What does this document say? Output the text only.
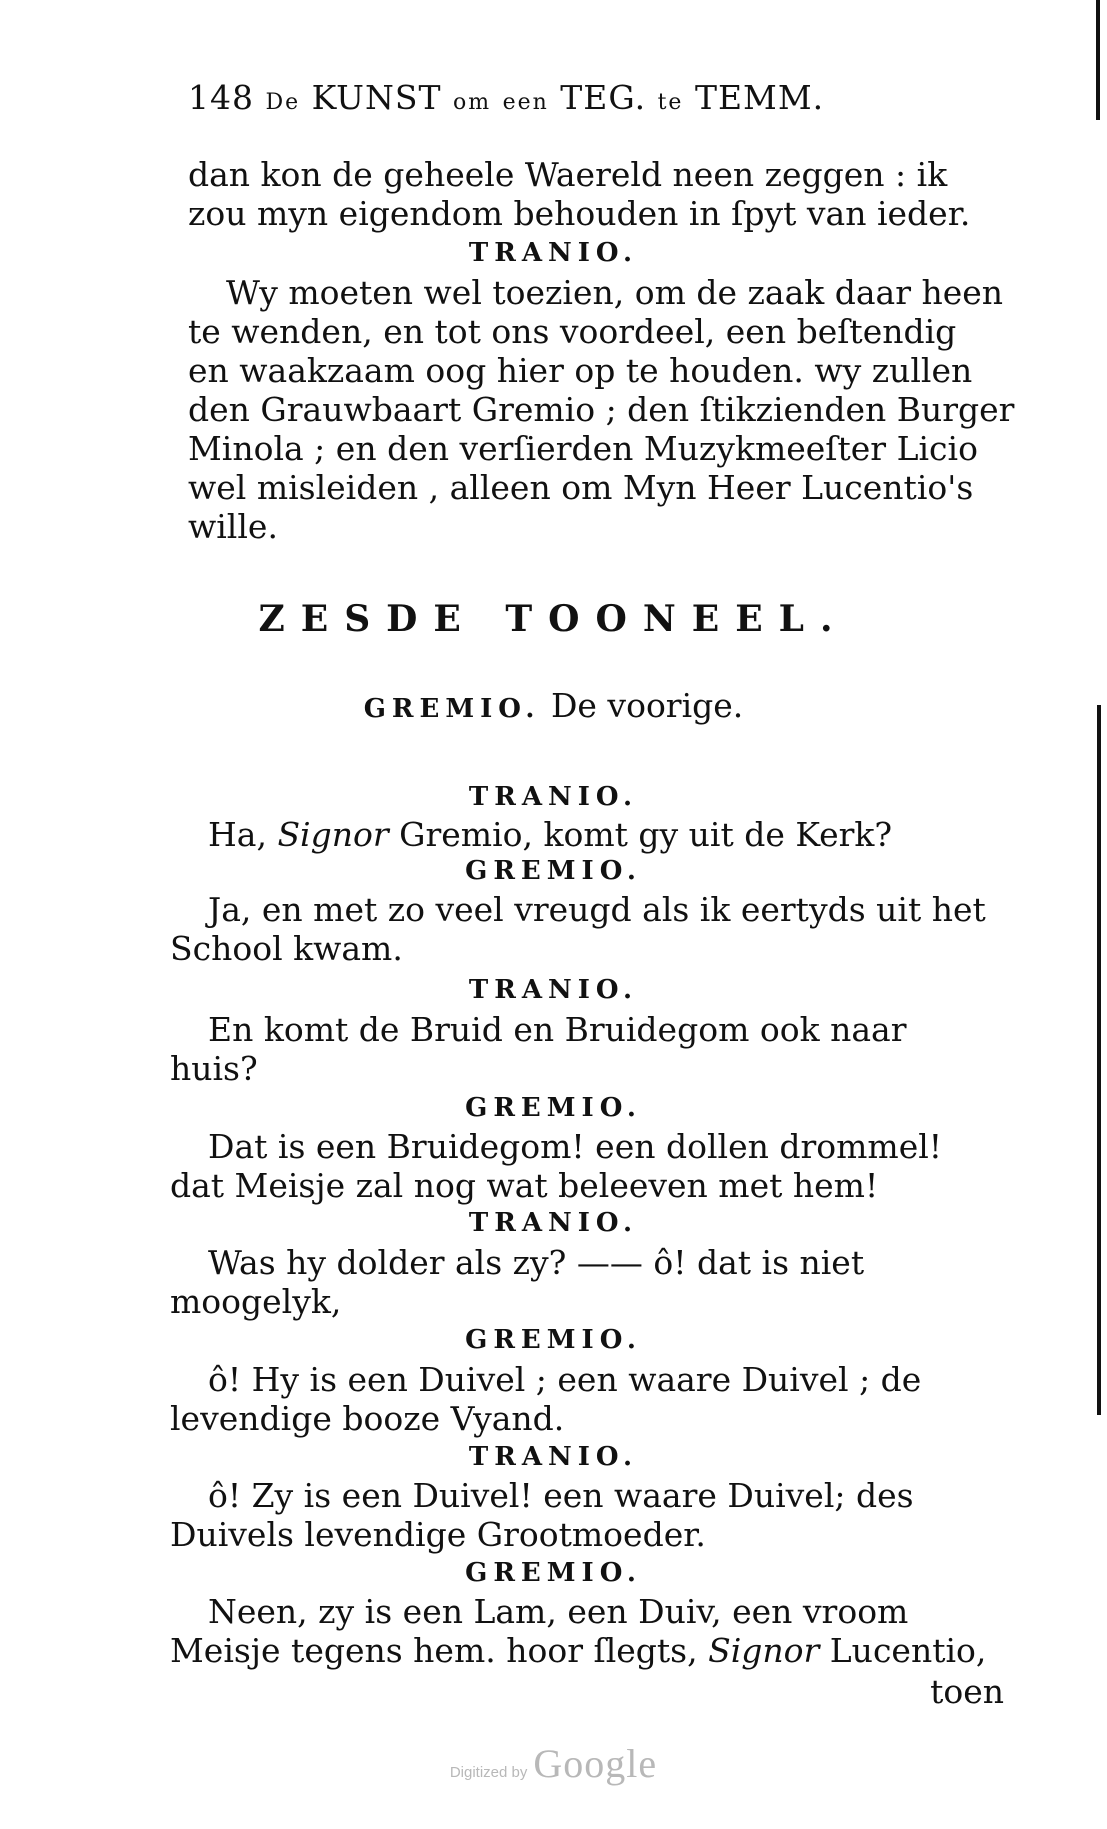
148 De KUNST om een TEG. te TEMM.
dan kon de geheele Waereld neen zeggen : ik
zou myn eigendom behouden in ſpyt van ieder.
TRANIO.
Wy moeten wel toezien, om de zaak daar heen
te wenden, en tot ons voordeel, een beſtendig
en waakzaam oog hier op te houden. wy zullen
den Grauwbaart Gremio ; den ſtikzienden Burger
Minola ; en den verſierden Muzykmeeſter Licio
wel misleiden , alleen om Myn Heer Lucentio's
wille.
ZESDE TOONEEL.
GREMIO. De voorige.
TRANIO.
Ha, Signor Gremio, komt gy uit de Kerk?
GREMIO.
Ja, en met zo veel vreugd als ik eertyds uit het
School kwam.
TRANIO.
En komt de Bruid en Bruidegom ook naar
huis?
GREMIO.
Dat is een Bruidegom! een dollen drommel!
dat Meisje zal nog wat beleeven met hem!
TRANIO.
Was hy dolder als zy? —— ô! dat is niet
moogelyk,
GREMIO.
ô! Hy is een Duivel ; een waare Duivel ; de
levendige booze Vyand.
TRANIO.
ô! Zy is een Duivel! een waare Duivel; des
Duivels levendige Grootmoeder.
GREMIO.
Neen, zy is een Lam, een Duiv, een vroom
Meisje tegens hem. hoor ſlegts, Signor Lucentio,
toen
Digitized by Google
